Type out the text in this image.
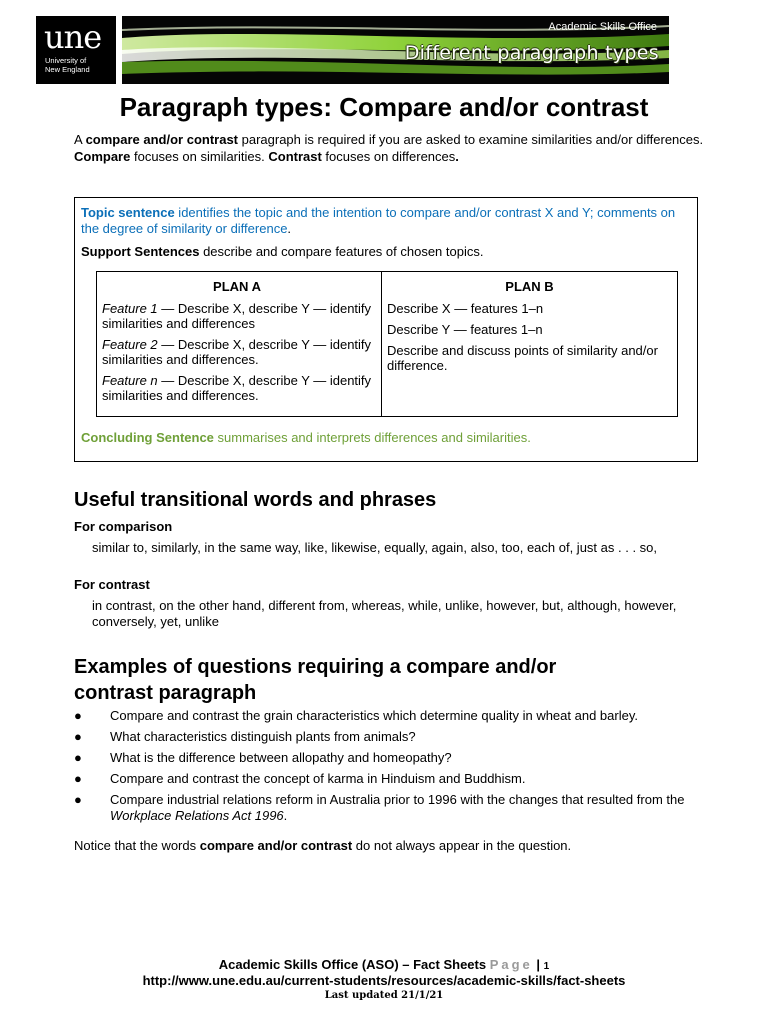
une
University of
New England
Academic Skills Office
Different paragraph types
Paragraph types: Compare and/or contrast
A compare and/or contrast paragraph is required if you are asked to examine similarities and/or differences. Compare focuses on similarities. Contrast focuses on differences.
Topic sentence identifies the topic and the intention to compare and/or contrast X and Y; comments on the degree of similarity or difference.
Support Sentences describe and compare features of chosen topics.
PLAN A

Feature 1 — Describe X, describe Y — identify similarities and differences

Feature 2 — Describe X, describe Y — identify similarities and differences.

Feature n — Describe X, describe Y — identify similarities and differences.

PLAN B

Describe X — features 1–n

Describe Y — features 1–n

Describe and discuss points of similarity and/or difference.

Concluding Sentence summarises and interprets differences and similarities.
Useful transitional words and phrases
For comparison
similar to, similarly, in the same way, like, likewise, equally, again, also, too, each of, just as . . . so,
For contrast
in contrast, on the other hand, different from, whereas, while, unlike, however, but, although, however, conversely, yet, unlike
Examples of questions requiring a compare and/or
contrast paragraph
● Compare and contrast the grain characteristics which determine quality in wheat and barley.
● What characteristics distinguish plants from animals?
● What is the difference between allopathy and homeopathy?
● Compare and contrast the concept of karma in Hinduism and Buddhism.
● Compare industrial relations reform in Australia prior to 1996 with the changes that resulted from the Workplace Relations Act 1996.
Notice that the words compare and/or contrast do not always appear in the question.
Academic Skills Office (ASO) – Fact Sheets Page | 1
http://www.une.edu.au/current-students/resources/academic-skills/fact-sheets
Last updated 21/1/21
